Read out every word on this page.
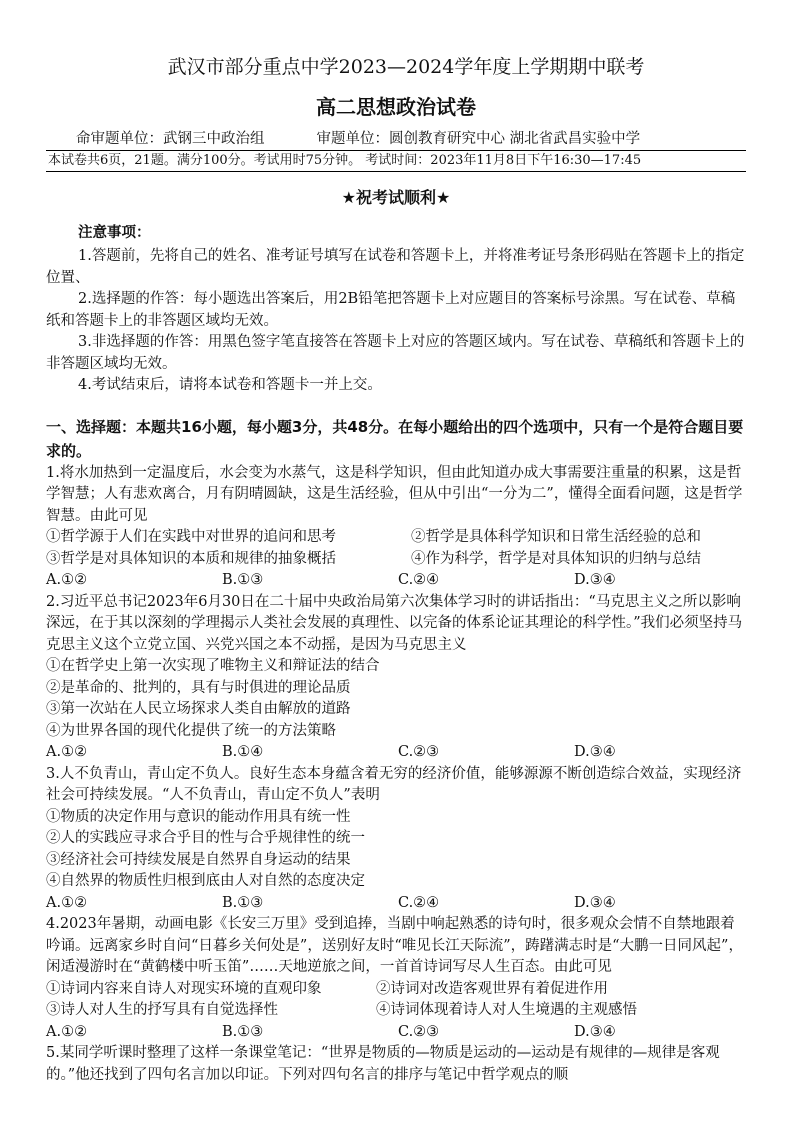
武汉市部分重点中学2023—2024学年度上学期期中联考
高二思想政治试卷
命审题单位：武钢三中政治组	审题单位：圆创教育研究中心 湖北省武昌实验中学
本试卷共6页，21题。满分100分。考试用时75分钟。 考试时间：2023年11月8日下午16:30—17:45
★祝考试顺利★
注意事项：

1.答题前，先将自己的姓名、准考证号填写在试卷和答题卡上，并将准考证号条形码贴在答题卡上的指定位置、

2.选择题的作答：每小题选出答案后，用2B铅笔把答题卡上对应题目的答案标号涂黑。写在试卷、草稿纸和答题卡上的非答题区域均无效。

3.非选择题的作答：用黑色签字笔直接答在答题卡上对应的答题区域内。写在试卷、草稿纸和答题卡上的非答题区域均无效。

4.考试结束后，请将本试卷和答题卡一并上交。

一、选择题：本题共16小题，每小题3分，共48分。在每小题给出的四个选项中，只有一个是符合题目要求的。

1.将水加热到一定温度后，水会变为水蒸气，这是科学知识，但由此知道办成大事需要注重量的积累，这是哲学智慧；人有悲欢离合，月有阴晴圆缺，这是生活经验，但从中引出“一分为二”，懂得全面看问题，这是哲学智慧。由此可见

①哲学源于人们在实践中对世界的追问和思考	②哲学是具体科学知识和日常生活经验的总和
③哲学是对具体知识的本质和规律的抽象概括	④作为科学，哲学是对具体知识的归纳与总结
A.①②	B.①③	C.②④	D.③④

2.习近平总书记2023年6月30日在二十届中央政治局第六次集体学习时的讲话指出：“马克思主义之所以影响深远，在于其以深刻的学理揭示人类社会发展的真理性、以完备的体系论证其理论的科学性。”我们必须坚持马克思主义这个立党立国、兴党兴国之本不动摇，是因为马克思主义

①在哲学史上第一次实现了唯物主义和辩证法的结合

②是革命的、批判的，具有与时俱进的理论品质

③第一次站在人民立场探求人类自由解放的道路

④为世界各国的现代化提供了统一的方法策略

A.①②	B.①④	C.②③	D.③④

3.人不负青山，青山定不负人。良好生态本身蕴含着无穷的经济价值，能够源源不断创造综合效益，实现经济社会可持续发展。“人不负青山，青山定不负人”表明

①物质的决定作用与意识的能动作用具有统一性

②人的实践应寻求合乎目的性与合乎规律性的统一

③经济社会可持续发展是自然界自身运动的结果

④自然界的物质性归根到底由人对自然的态度决定

A.①②	B.①③	C.②④	D.③④

4.2023年暑期，动画电影《长安三万里》受到追捧，当剧中响起熟悉的诗句时，很多观众会情不自禁地跟着吟诵。远离家乡时自问“日暮乡关何处是”，送别好友时“唯见长江天际流”，踌躇满志时是“大鹏一日同风起”，闲适漫游时在“黄鹤楼中听玉笛”……天地逆旅之间，一首首诗词写尽人生百态。由此可见

①诗词内容来自诗人对现实环境的直观印象	②诗词对改造客观世界有着促进作用
③诗人对人生的抒写具有自觉选择性	④诗词体现着诗人对人生境遇的主观感悟
A.①②	B.①③	C.②③	D.③④

5.某同学听课时整理了这样一条课堂笔记：“世界是物质的—物质是运动的—运动是有规律的—规律是客观的。”他还找到了四句名言加以印证。下列对四句名言的排序与笔记中哲学观点的顺
